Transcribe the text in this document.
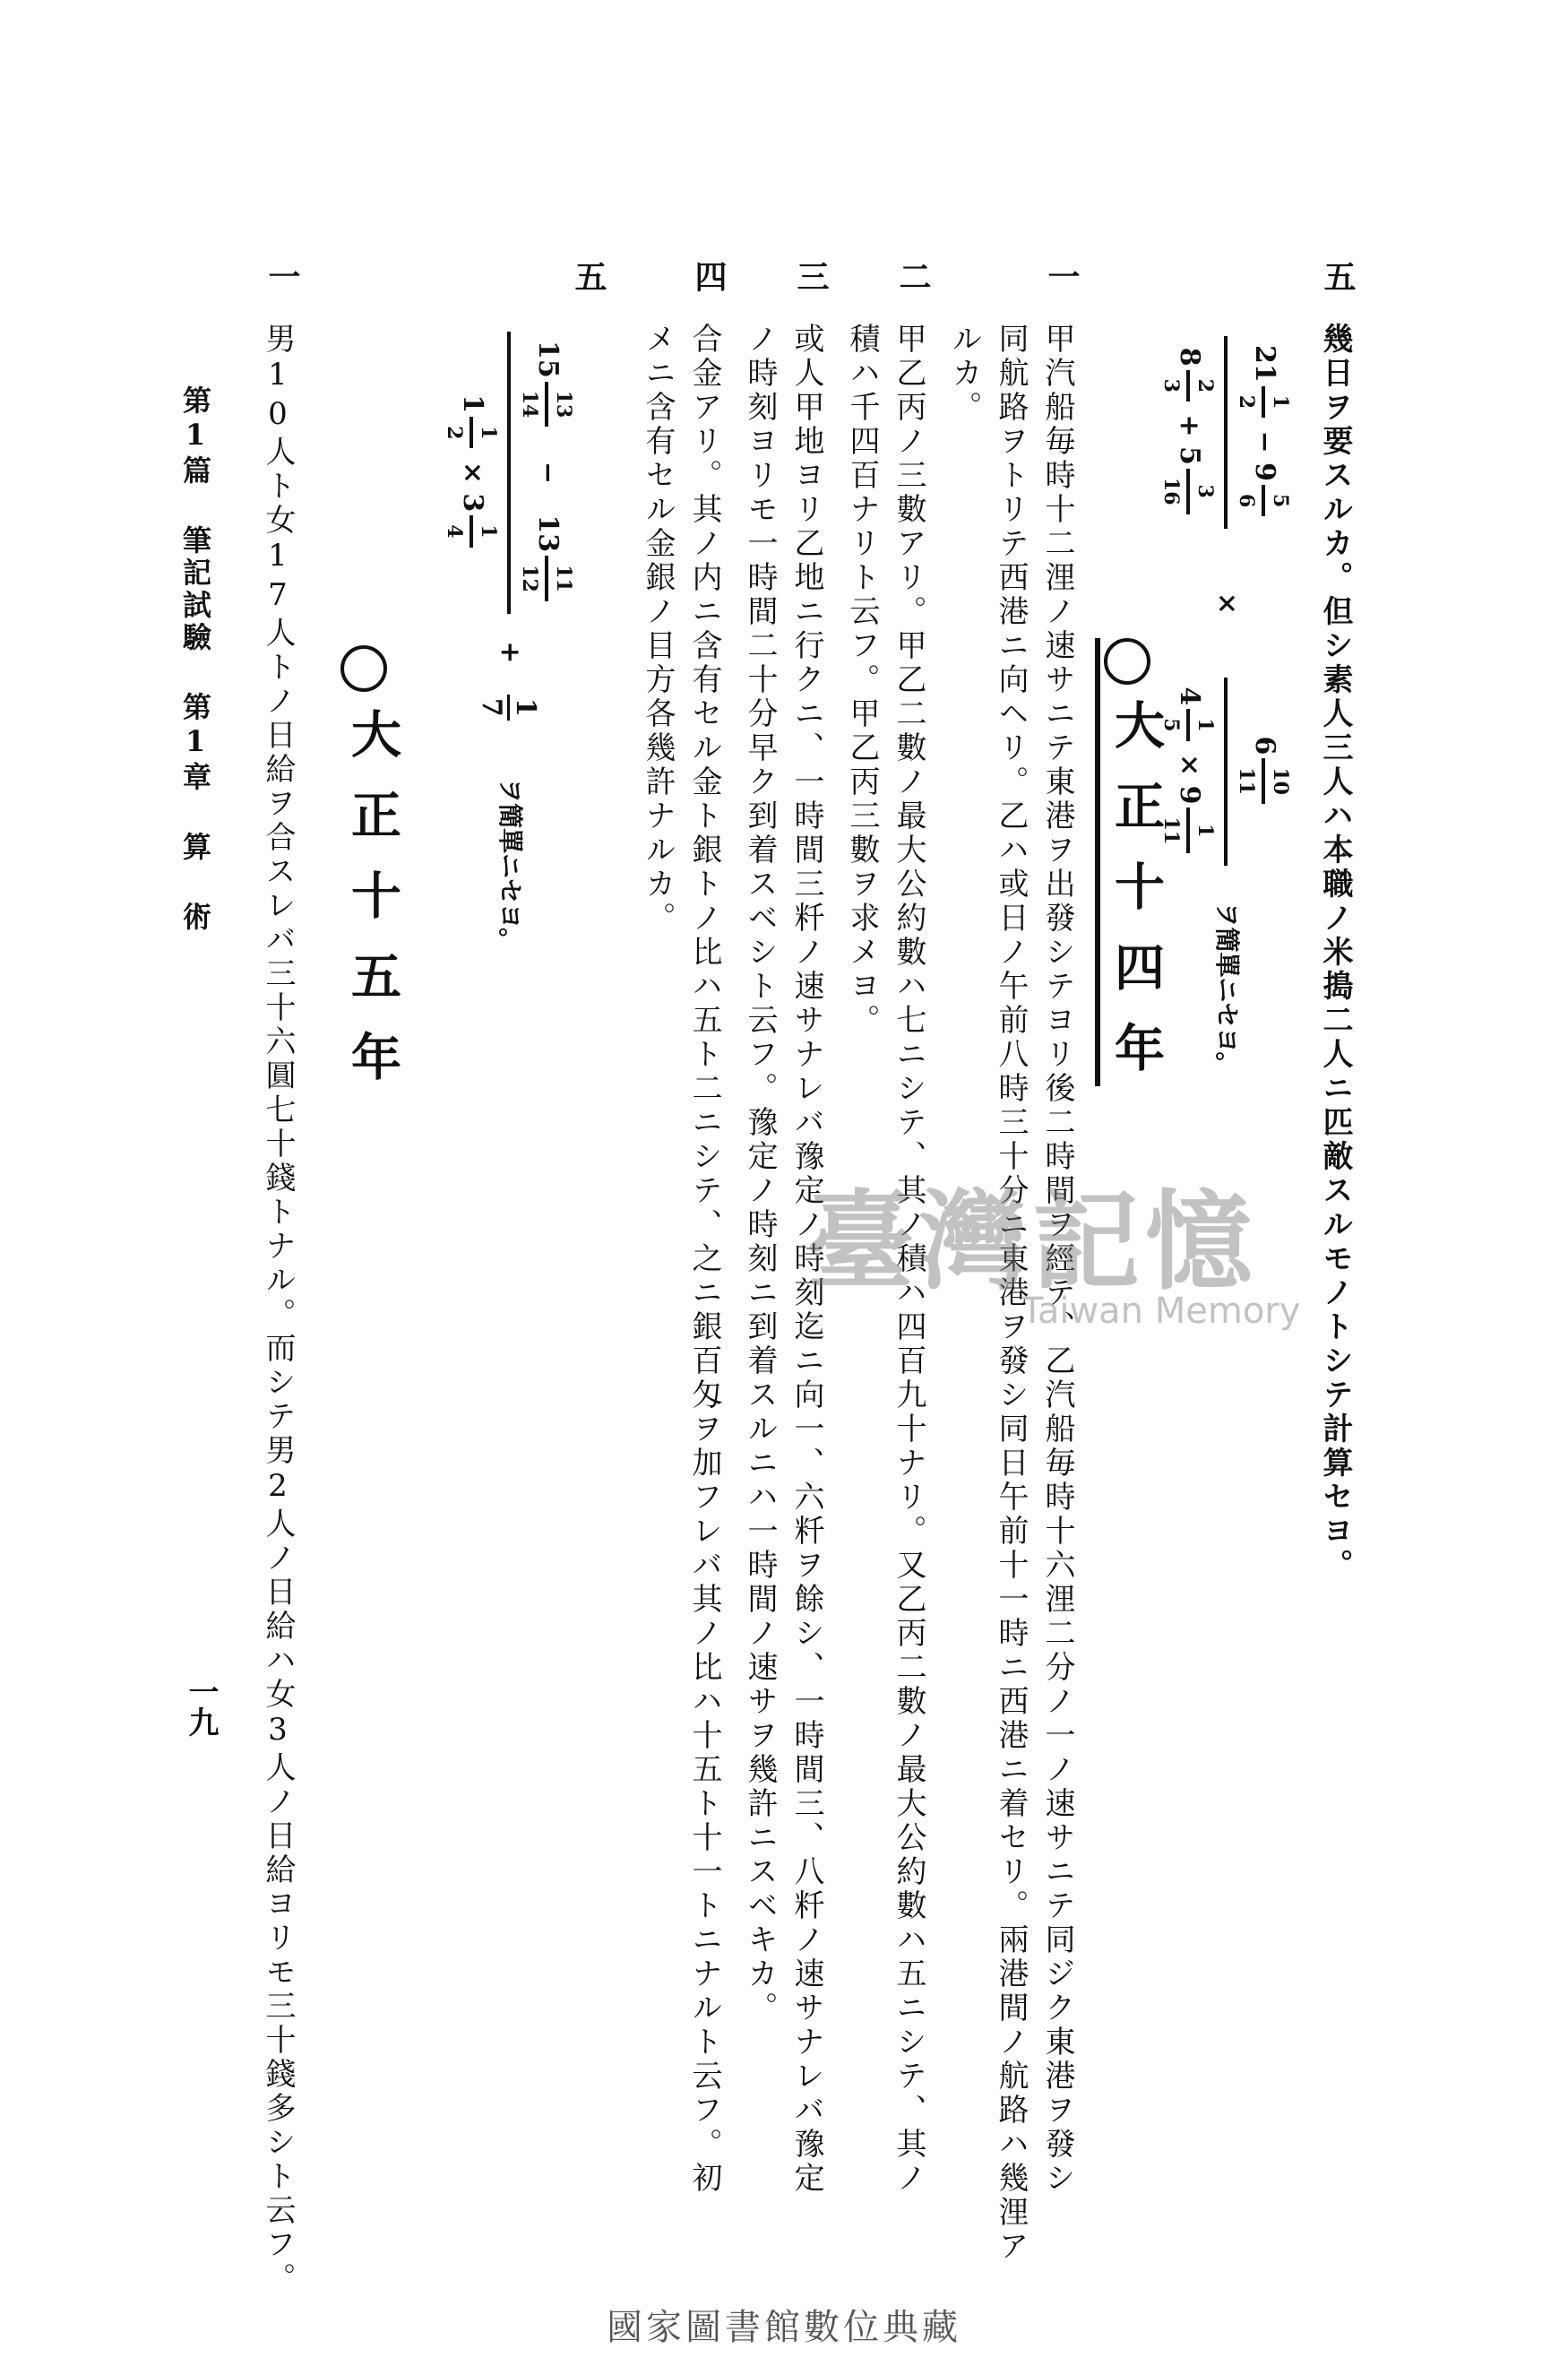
五
幾日ヲ要スルカ。但シ素人三人ハ本職ノ米搗二人ニ匹敵スルモノトシテ計算セヨ。
21
1
2
− 9
5
6
8
2
3
+ 5
3
16
×
6
10
11
4
1
5
× 9
1
11
ヲ簡單ニセヨ。
大正十四年
一
甲汽船毎時十二浬ノ速サニテ東港ヲ出發シテヨリ後二時間ヲ經テ、乙汽船毎時十六浬二分ノ一ノ速サニテ同ジク東港ヲ發シ
同航路ヲトリテ西港ニ向ヘリ。乙ハ或日ノ午前八時三十分ニ東港ヲ發シ同日午前十一時ニ西港ニ着セリ。兩港間ノ航路ハ幾浬ア
ルカ。
二
甲乙丙ノ三數アリ。甲乙二數ノ最大公約數ハ七ニシテ、其ノ積ハ四百九十ナリ。又乙丙二數ノ最大公約數ハ五ニシテ、其ノ
積ハ千四百ナリト云フ。甲乙丙三數ヲ求メヨ。
三
或人甲地ヨリ乙地ニ行クニ、一時間三粁ノ速サナレバ豫定ノ時刻迄ニ向一、六粁ヲ餘シ、一時間三、八粁ノ速サナレバ豫定
ノ時刻ヨリモ一時間二十分早ク到着スベシト云フ。豫定ノ時刻ニ到着スルニハ一時間ノ速サヲ幾許ニスベキカ。
四
合金アリ。其ノ内ニ含有セル金ト銀トノ比ハ五ト二ニシテ、之ニ銀百匁ヲ加フレバ其ノ比ハ十五ト十一トニナルト云フ。初
メニ含有セル金銀ノ目方各幾許ナルカ。
五
15
13
14
− 13
11
12
1
1
2
× 3
1
4
+
1
7
ヲ簡單ニセヨ。
大正十五年
一
男10人ト女17人トノ日給ヲ合スレバ三十六圓七十錢トナル。而シテ男2人ノ日給ハ女3人ノ日給ヨリモ三十錢多シト云フ。
第1篇 筆記試驗 第1章 算 術
一九
臺灣記憶
Taiwan Memory
國家圖書館數位典藏
